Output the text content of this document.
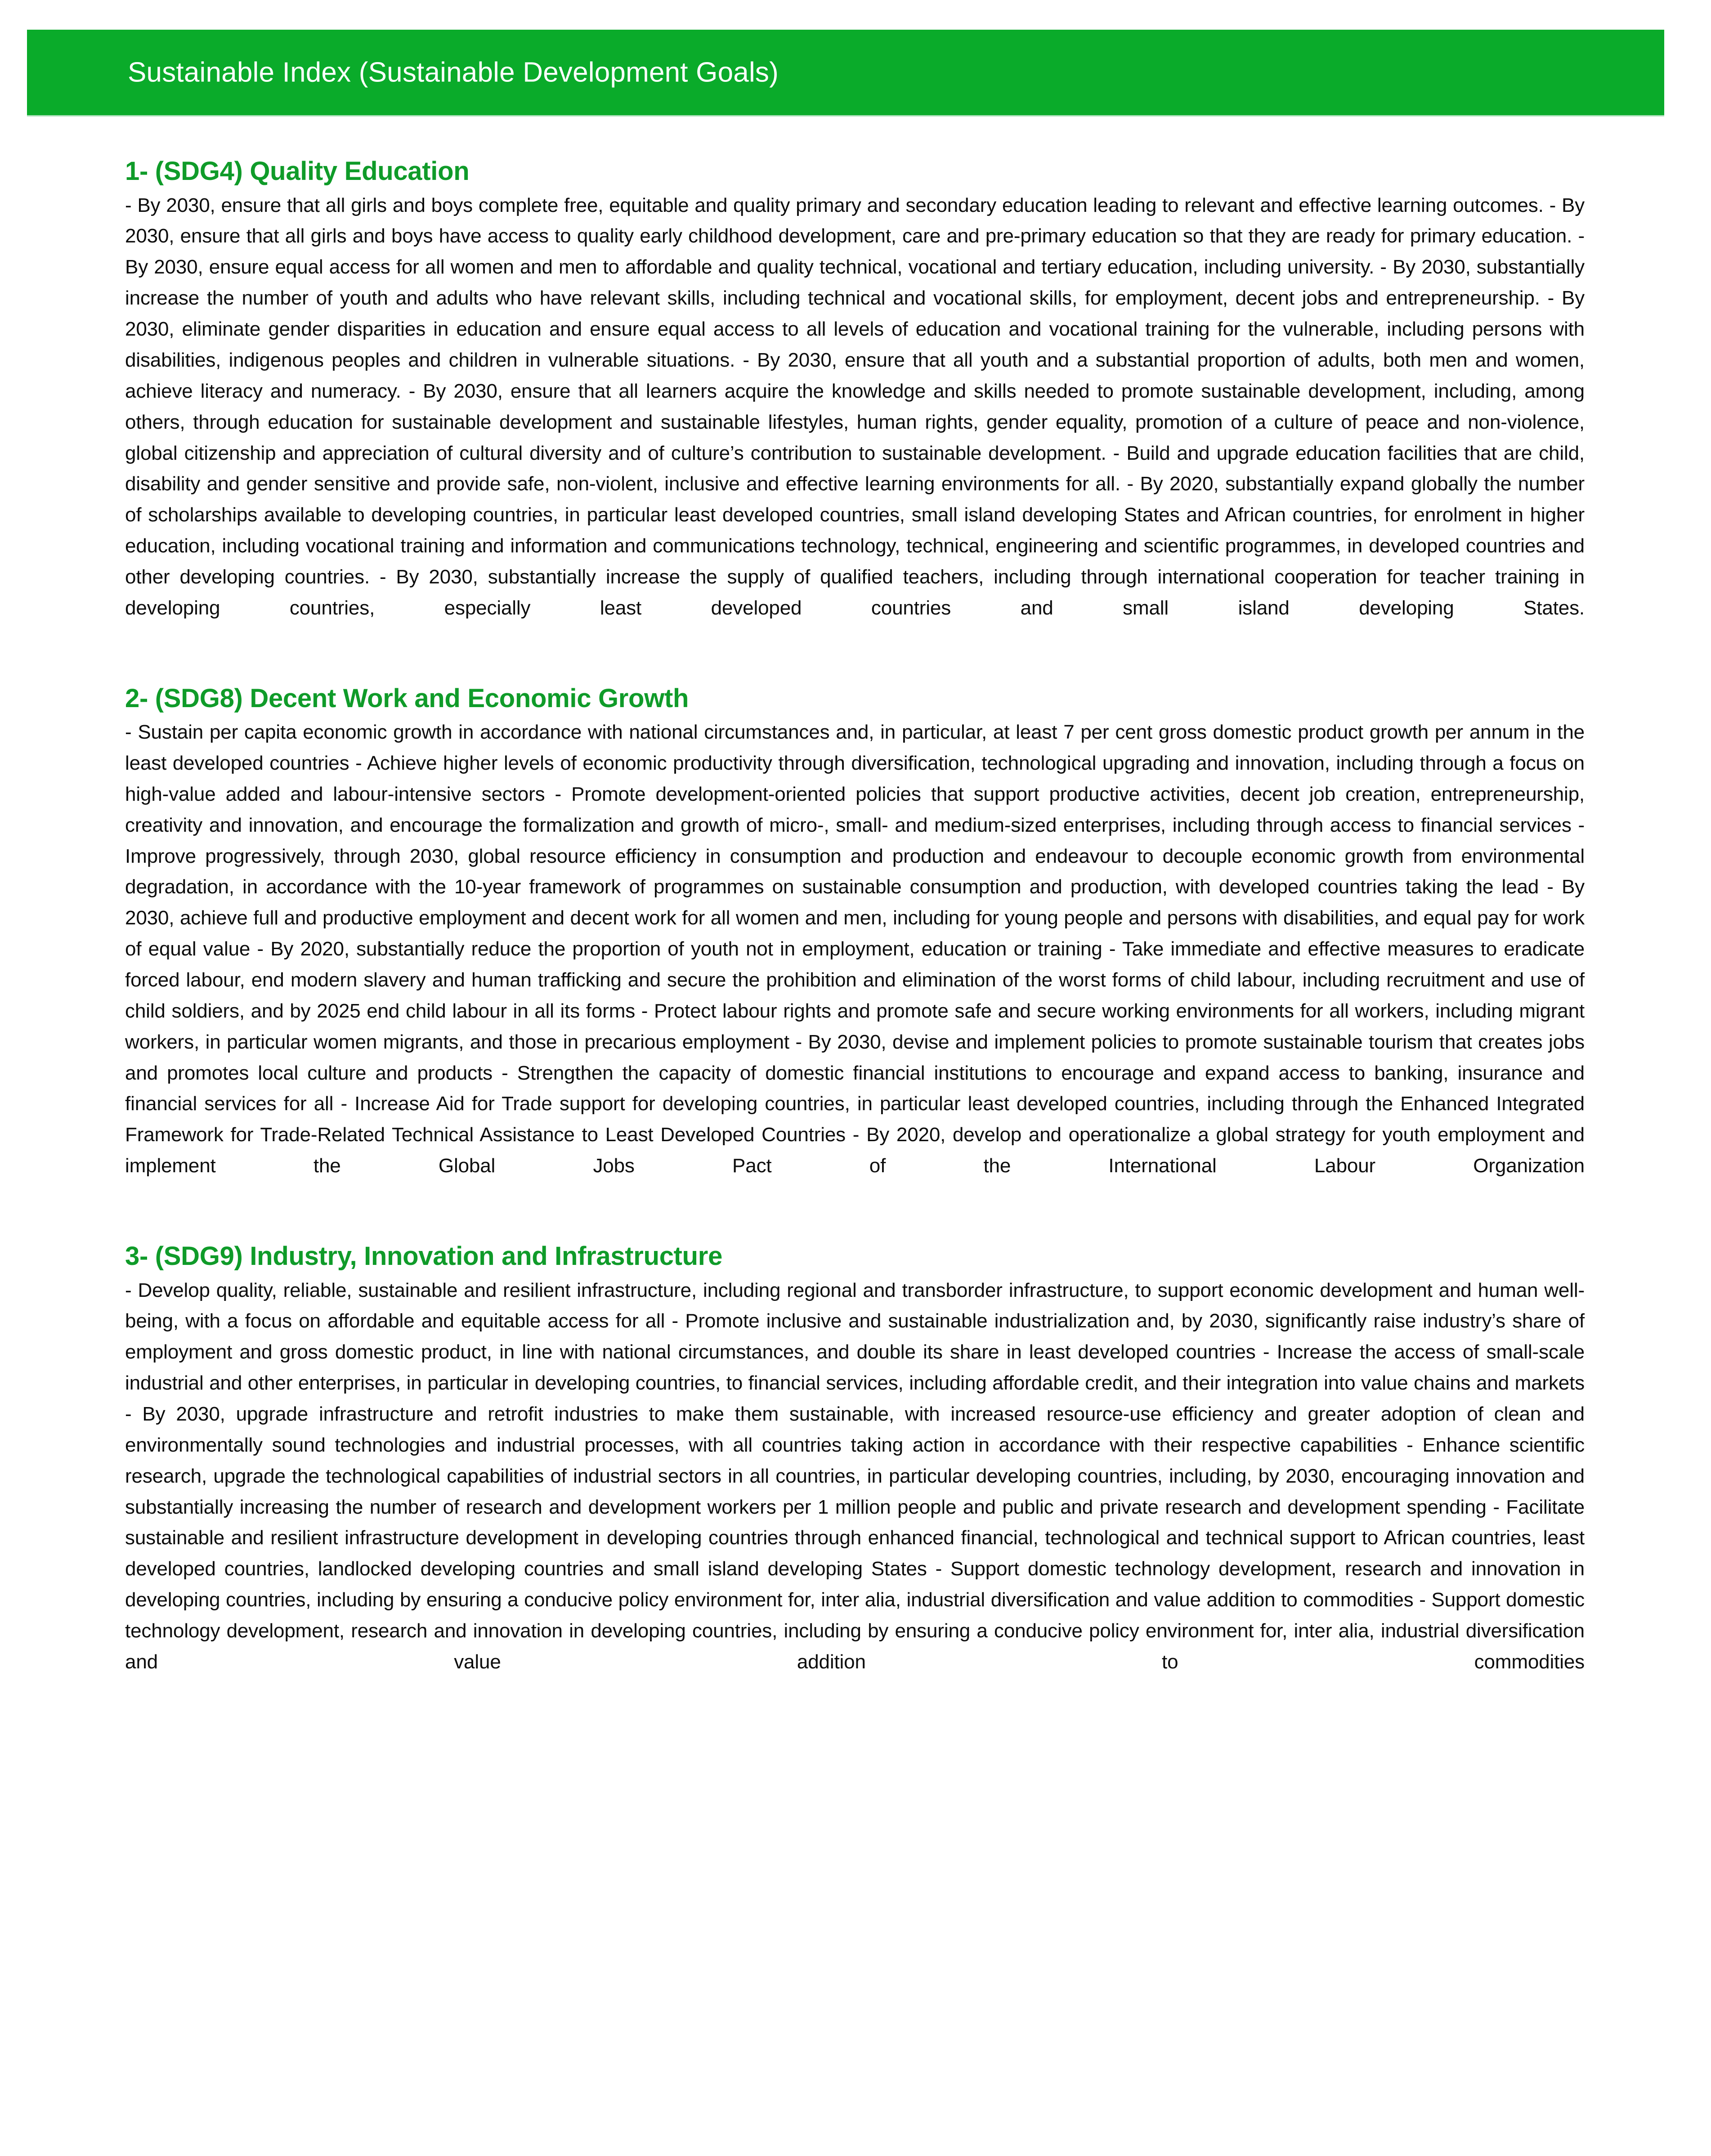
Sustainable Index (Sustainable Development Goals)
1- (SDG4) Quality Education

- By 2030, ensure that all girls and boys complete free, equitable and quality primary and secondary education leading to relevant and effective learning outcomes. - By 2030, ensure that all girls and boys have access to quality early childhood development, care and pre-primary education so that they are ready for primary education. - By 2030, ensure equal access for all women and men to affordable and quality technical, vocational and tertiary education, including university. - By 2030, substantially increase the number of youth and adults who have relevant skills, including technical and vocational skills, for employment, decent jobs and entrepreneurship. - By 2030, eliminate gender disparities in education and ensure equal access to all levels of education and vocational training for the vulnerable, including persons with disabilities, indigenous peoples and children in vulnerable situations. - By 2030, ensure that all youth and a substantial proportion of adults, both men and women, achieve literacy and numeracy. - By 2030, ensure that all learners acquire the knowledge and skills needed to promote sustainable development, including, among others, through education for sustainable development and sustainable lifestyles, human rights, gender equality, promotion of a culture of peace and non-violence, global citizenship and appreciation of cultural diversity and of culture’s contribution to sustainable development. - Build and upgrade education facilities that are child, disability and gender sensitive and provide safe, non-violent, inclusive and effective learning environments for all. - By 2020, substantially expand globally the number of scholarships available to developing countries, in particular least developed countries, small island developing States and African countries, for enrolment in higher education, including vocational training and information and communications technology, technical, engineering and scientific programmes, in developed countries and other developing countries. - By 2030, substantially increase the supply of qualified teachers, including through international cooperation for teacher training in developing countries, especially least developed countries and small island developing States.

2- (SDG8) Decent Work and Economic Growth

- Sustain per capita economic growth in accordance with national circumstances and, in particular, at least 7 per cent gross domestic product growth per annum in the least developed countries - Achieve higher levels of economic productivity through diversification, technological upgrading and innovation, including through a focus on high-value added and labour-intensive sectors - Promote development-oriented policies that support productive activities, decent job creation, entrepreneurship, creativity and innovation, and encourage the formalization and growth of micro-, small- and medium-sized enterprises, including through access to financial services - Improve progressively, through 2030, global resource efficiency in consumption and production and endeavour to decouple economic growth from environmental degradation, in accordance with the 10-year framework of programmes on sustainable consumption and production, with developed countries taking the lead - By 2030, achieve full and productive employment and decent work for all women and men, including for young people and persons with disabilities, and equal pay for work of equal value - By 2020, substantially reduce the proportion of youth not in employment, education or training - Take immediate and effective measures to eradicate forced labour, end modern slavery and human trafficking and secure the prohibition and elimination of the worst forms of child labour, including recruitment and use of child soldiers, and by 2025 end child labour in all its forms - Protect labour rights and promote safe and secure working environments for all workers, including migrant workers, in particular women migrants, and those in precarious employment - By 2030, devise and implement policies to promote sustainable tourism that creates jobs and promotes local culture and products - Strengthen the capacity of domestic financial institutions to encourage and expand access to banking, insurance and financial services for all - Increase Aid for Trade support for developing countries, in particular least developed countries, including through the Enhanced Integrated Framework for Trade-Related Technical Assistance to Least Developed Countries - By 2020, develop and operationalize a global strategy for youth employment and implement the Global Jobs Pact of the International Labour Organization

3- (SDG9) Industry, Innovation and Infrastructure

- Develop quality, reliable, sustainable and resilient infrastructure, including regional and transborder infrastructure, to support economic development and human well-being, with a focus on affordable and equitable access for all - Promote inclusive and sustainable industrialization and, by 2030, significantly raise industry’s share of employment and gross domestic product, in line with national circumstances, and double its share in least developed countries - Increase the access of small-scale industrial and other enterprises, in particular in developing countries, to financial services, including affordable credit, and their integration into value chains and markets - By 2030, upgrade infrastructure and retrofit industries to make them sustainable, with increased resource-use efficiency and greater adoption of clean and environmentally sound technologies and industrial processes, with all countries taking action in accordance with their respective capabilities - Enhance scientific research, upgrade the technological capabilities of industrial sectors in all countries, in particular developing countries, including, by 2030, encouraging innovation and substantially increasing the number of research and development workers per 1 million people and public and private research and development spending - Facilitate sustainable and resilient infrastructure development in developing countries through enhanced financial, technological and technical support to African countries, least developed countries, landlocked developing countries and small island developing States - Support domestic technology development, research and innovation in developing countries, including by ensuring a conducive policy environment for, inter alia, industrial diversification and value addition to commodities - Support domestic technology development, research and innovation in developing countries, including by ensuring a conducive policy environment for, inter alia, industrial diversification and value addition to commodities
